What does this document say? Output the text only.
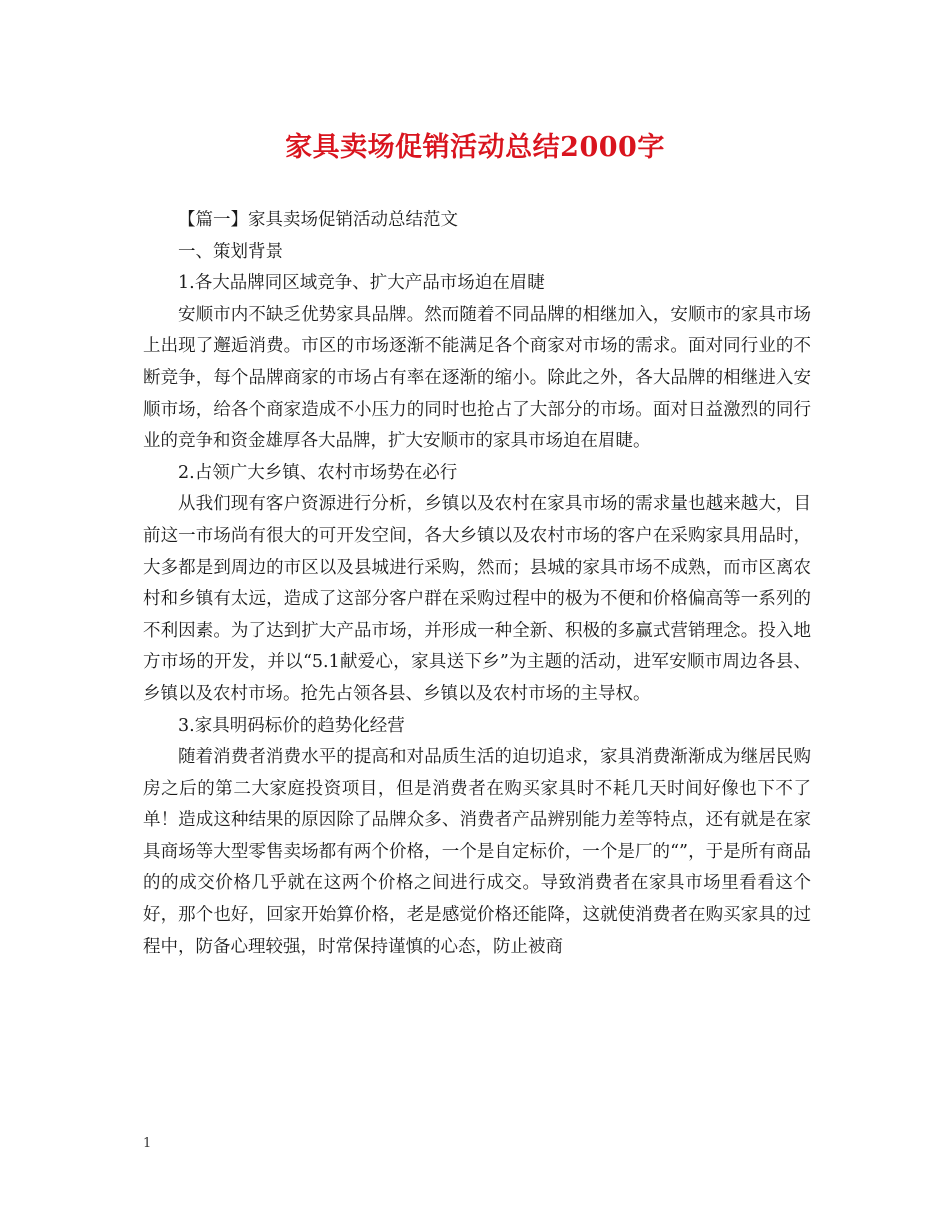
家具卖场促销活动总结2000字

【篇一】家具卖场促销活动总结范文

一、策划背景

1.各大品牌同区域竞争、扩大产品市场迫在眉睫

安顺市内不缺乏优势家具品牌。然而随着不同品牌的相继加入，安顺市的家具市场上出现了邂逅消费。市区的市场逐渐不能满足各个商家对市场的需求。面对同行业的不断竞争，每个品牌商家的市场占有率在逐渐的缩小。除此之外，各大品牌的相继进入安顺市场，给各个商家造成不小压力的同时也抢占了大部分的市场。面对日益激烈的同行业的竞争和资金雄厚各大品牌，扩大安顺市的家具市场迫在眉睫。

2.占领广大乡镇、农村市场势在必行

从我们现有客户资源进行分析，乡镇以及农村在家具市场的需求量也越来越大，目前这一市场尚有很大的可开发空间，各大乡镇以及农村市场的客户在采购家具用品时，大多都是到周边的市区以及县城进行采购，然而；县城的家具市场不成熟，而市区离农村和乡镇有太远，造成了这部分客户群在采购过程中的极为不便和价格偏高等一系列的不利因素。为了达到扩大产品市场，并形成一种全新、积极的多赢式营销理念。投入地方市场的开发，并以“5.1献爱心，家具送下乡”为主题的活动，进军安顺市周边各县、乡镇以及农村市场。抢先占领各县、乡镇以及农村市场的主导权。

3.家具明码标价的趋势化经营

随着消费者消费水平的提高和对品质生活的迫切追求，家具消费渐渐成为继居民购房之后的第二大家庭投资项目，但是消费者在购买家具时不耗几天时间好像也下不了单！造成这种结果的原因除了品牌众多、消费者产品辨别能力差等特点，还有就是在家具商场等大型零售卖场都有两个价格，一个是自定标价，一个是厂的“”，于是所有商品的的成交价格几乎就在这两个价格之间进行成交。导致消费者在家具市场里看看这个好，那个也好，回家开始算价格，老是感觉价格还能降，这就使消费者在购买家具的过程中，防备心理较强，时常保持谨慎的心态，防止被商

1
